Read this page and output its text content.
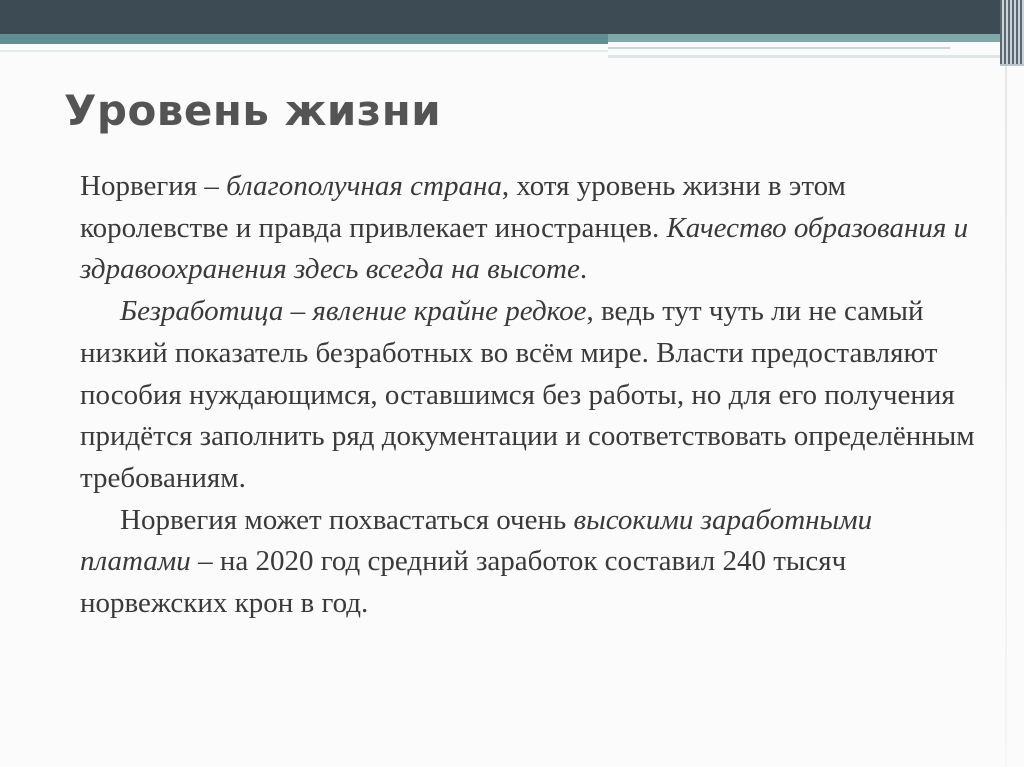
Уровень жизни

Норвегия – благополучная страна, хотя уровень жизни в этом королевстве и правда привлекает иностранцев. Качество образования и здравоохранения здесь всегда на высоте.

Безработица – явление крайне редкое, ведь тут чуть ли не самый низкий показатель безработных во всём мире. Власти предоставляют пособия нуждающимся, оставшимся без работы, но для его получения придётся заполнить ряд документации и соответствовать определённым требованиям.

Норвегия может похвастаться очень высокими заработными платами – на 2020 год средний заработок составил 240 тысяч норвежских крон в год.
